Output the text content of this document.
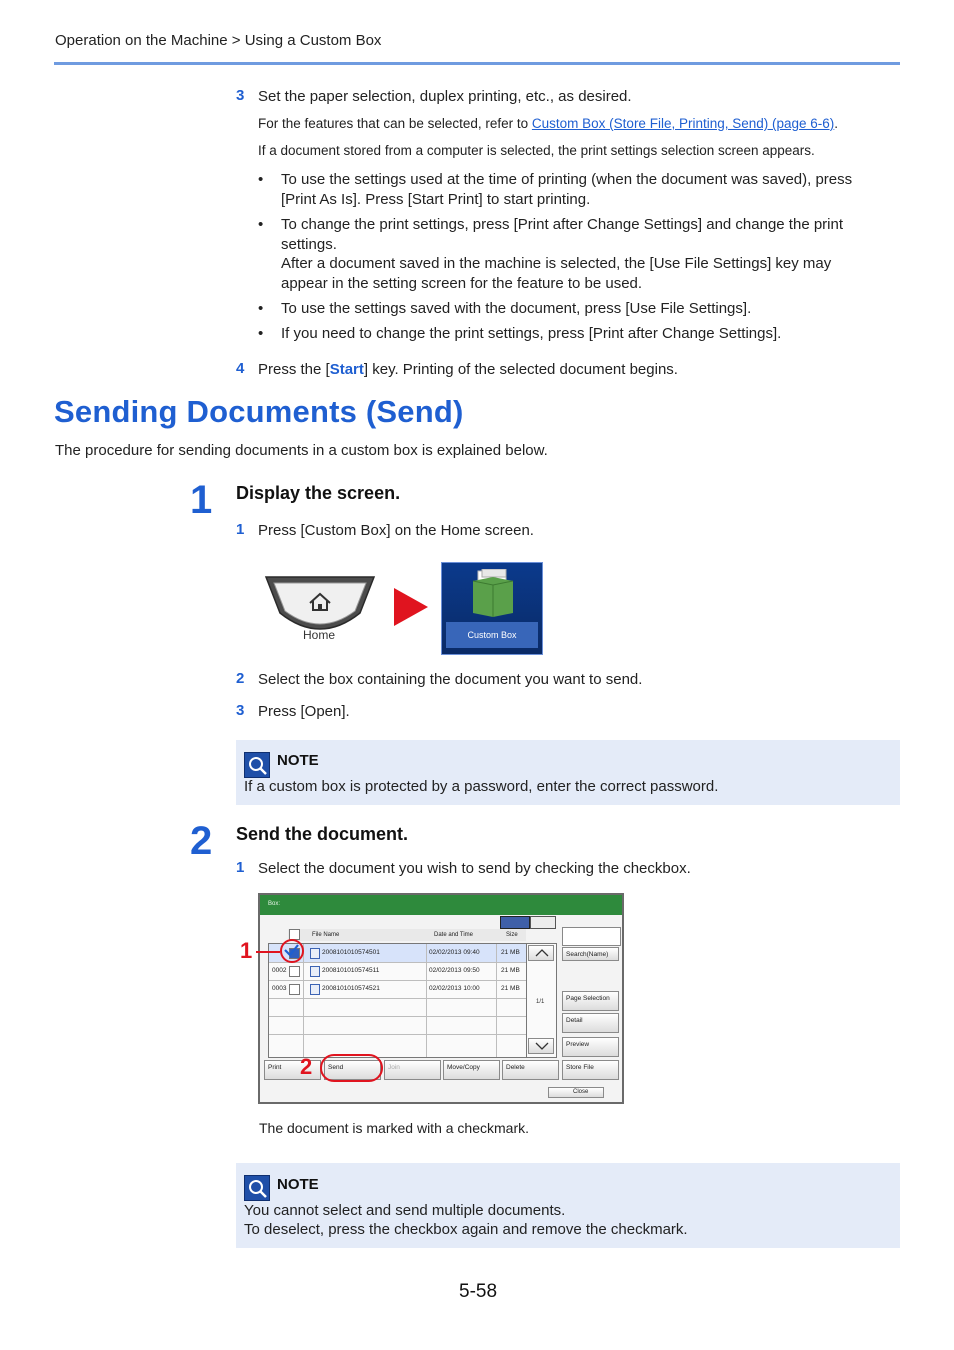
Operation on the Machine > Using a Custom Box
3 Set the paper selection, duplex printing, etc., as desired.
For the features that can be selected, refer to Custom Box (Store File, Printing, Send) (page 6-6).
If a document stored from a computer is selected, the print settings selection screen appears.
• To use the settings used at the time of printing (when the document was saved), press
[Print As Is]. Press [Start Print] to start printing.
• To change the print settings, press [Print after Change Settings] and change the print
settings.
After a document saved in the machine is selected, the [Use File Settings] key may
appear in the setting screen for the feature to be used.
• To use the settings saved with the document, press [Use File Settings].
• If you need to change the print settings, press [Print after Change Settings].
4 Press the [Start] key. Printing of the selected document begins.
Sending Documents (Send)
The procedure for sending documents in a custom box is explained below.
1 Display the screen.
1 Press [Custom Box] on the Home screen.
Home	Custom Box
2 Select the box containing the document you want to send.
3 Press [Open].
NOTE
If a custom box is protected by a password, enter the correct password.
2 Send the document.
1 Select the document you wish to send by checking the checkbox.
Box:
File Name	Date and Time	Size
2008101010574501	02/02/2013 09:40	21 MB
0002	2008101010574511	02/02/2013 09:50	21 MB
0003	2008101010574521	02/02/2013 10:00	21 MB
1/1
Search(Name)
Page Selection
Detail
Preview
Print	Send	Join	Move/Copy	Delete	Store File
Close
1
2
The document is marked with a checkmark.
NOTE
You cannot select and send multiple documents.
To deselect, press the checkbox again and remove the checkmark.
5-58
